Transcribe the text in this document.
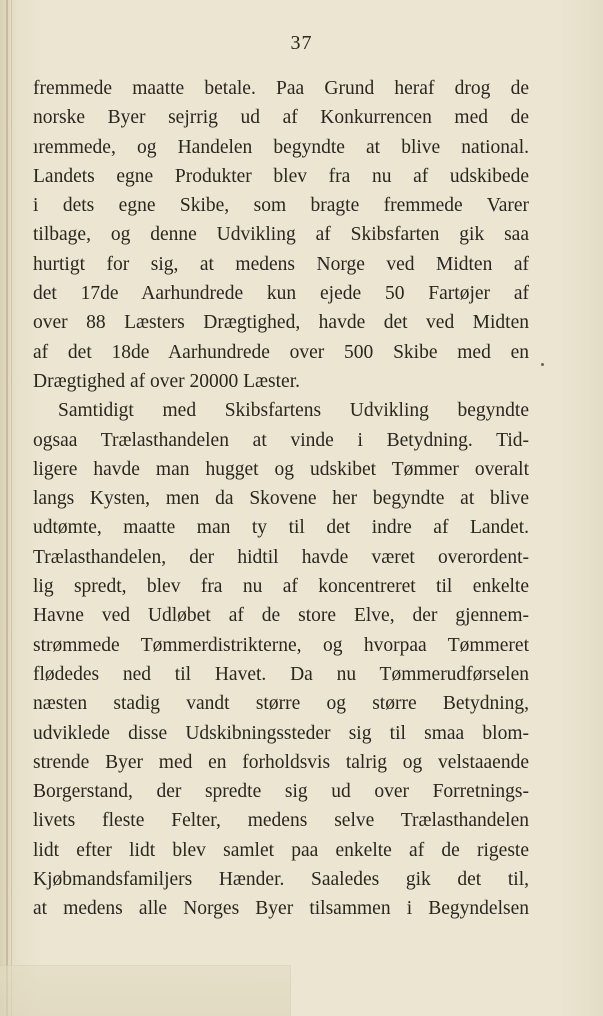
37
fremmede maatte betale. Paa Grund heraf drog de
norske Byer sejrrig ud af Konkurrencen med de
ıremmede, og Handelen begyndte at blive national.
Landets egne Produkter blev fra nu af udskibede
i dets egne Skibe, som bragte fremmede Varer
tilbage, og denne Udvikling af Skibsfarten gik saa
hurtigt for sig, at medens Norge ved Midten af
det 17de Aarhundrede kun ejede 50 Fartøjer af
over 88 Læsters Drægtighed, havde det ved Midten
af det 18de Aarhundrede over 500 Skibe med en
Drægtighed af over 20000 Læster.
Samtidigt med Skibsfartens Udvikling begyndte
ogsaa Trælasthandelen at vinde i Betydning. Tid-
ligere havde man hugget og udskibet Tømmer overalt
langs Kysten, men da Skovene her begyndte at blive
udtømte, maatte man ty til det indre af Landet.
Trælasthandelen, der hidtil havde været overordent-
lig spredt, blev fra nu af koncentreret til enkelte
Havne ved Udløbet af de store Elve, der gjennem-
strømmede Tømmerdistrikterne, og hvorpaa Tømmeret
flødedes ned til Havet. Da nu Tømmerudførselen
næsten stadig vandt større og større Betydning,
udviklede disse Udskibningssteder sig til smaa blom-
strende Byer med en forholdsvis talrig og velstaaende
Borgerstand, der spredte sig ud over Forretnings-
livets fleste Felter, medens selve Trælasthandelen
lidt efter lidt blev samlet paa enkelte af de rigeste
Kjøbmandsfamiljers Hænder. Saaledes gik det til,
at medens alle Norges Byer tilsammen i Begyndelsen
